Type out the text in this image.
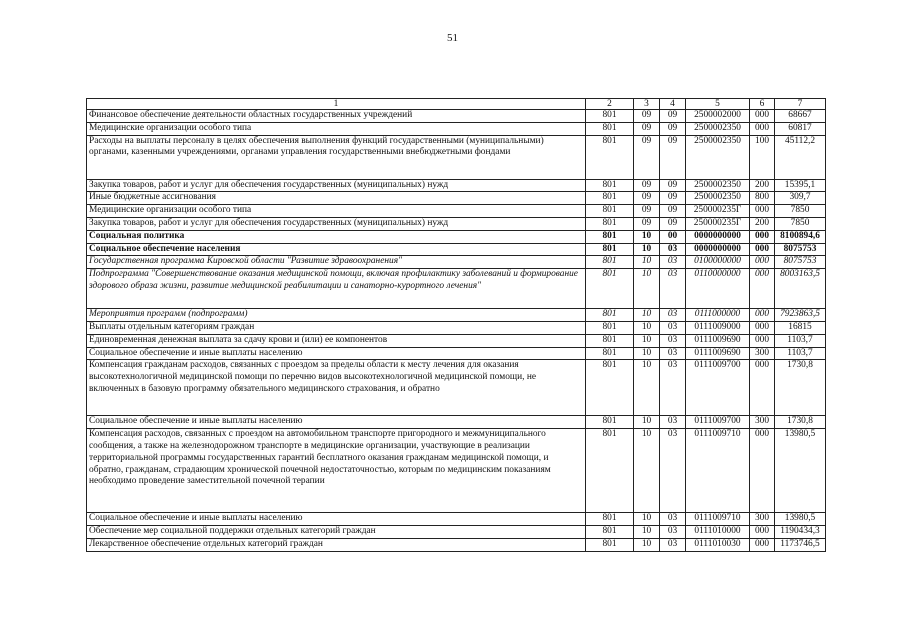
51
1	2	3	4	5	6	7
Финансовое обеспечение деятельности областных государственных учреждений	801	09	09	2500002000	000	68667
Медицинские организации особого типа	801	09	09	2500002350	000	60817
Расходы на выплаты персоналу в целях обеспечения выполнения функций государственными (муниципальными) органами, казенными учреждениями, органами управления государственными внебюджетными фондами	801	09	09	2500002350	100	45112,2
Закупка товаров, работ и услуг для обеспечения государственных (муниципальных) нужд	801	09	09	2500002350	200	15395,1
Иные бюджетные ассигнования	801	09	09	2500002350	800	309,7
Медицинские организации особого типа	801	09	09	250000235Г	000	7850
Закупка товаров, работ и услуг для обеспечения государственных (муниципальных) нужд	801	09	09	250000235Г	200	7850
Социальная политика	801	10	00	0000000000	000	8100894,6
Социальное обеспечение населения	801	10	03	0000000000	000	8075753
Государственная программа Кировской области "Развитие здравоохранения"	801	10	03	0100000000	000	8075753
Подпрограмма "Совершенствование оказания медицинской помощи, включая профилактику заболеваний и формирование здорового образа жизни, развитие медицинской реабилитации и санаторно-курортного лечения"	801	10	03	0110000000	000	8003163,5
Мероприятия программ (подпрограмм)	801	10	03	0111000000	000	7923863,5
Выплаты отдельным категориям граждан	801	10	03	0111009000	000	16815
Единовременная денежная выплата за сдачу крови и (или) ее компонентов	801	10	03	0111009690	000	1103,7
Социальное обеспечение и иные выплаты населению	801	10	03	0111009690	300	1103,7
Компенсация гражданам расходов, связанных с проездом за пределы области к месту лечения для оказания высокотехнологичной медицинской помощи по перечню видов высокотехнологичной медицинской помощи, не включенных в базовую программу обязательного медицинского страхования, и обратно	801	10	03	0111009700	000	1730,8
Социальное обеспечение и иные выплаты населению	801	10	03	0111009700	300	1730,8
Компенсация расходов, связанных с проездом на автомобильном транспорте пригородного и межмуниципального сообщения, а также на железнодорожном транспорте в медицинские организации, участвующие в реализации территориальной программы государственных гарантий бесплатного оказания гражданам медицинской помощи, и обратно, гражданам, страдающим хронической почечной недостаточностью, которым по медицинским показаниям необходимо проведение заместительной почечной терапии	801	10	03	0111009710	000	13980,5
Социальное обеспечение и иные выплаты населению	801	10	03	0111009710	300	13980,5
Обеспечение мер социальной поддержки отдельных категорий граждан	801	10	03	0111010000	000	1190434,3
Лекарственное обеспечение отдельных категорий граждан	801	10	03	0111010030	000	1173746,5
